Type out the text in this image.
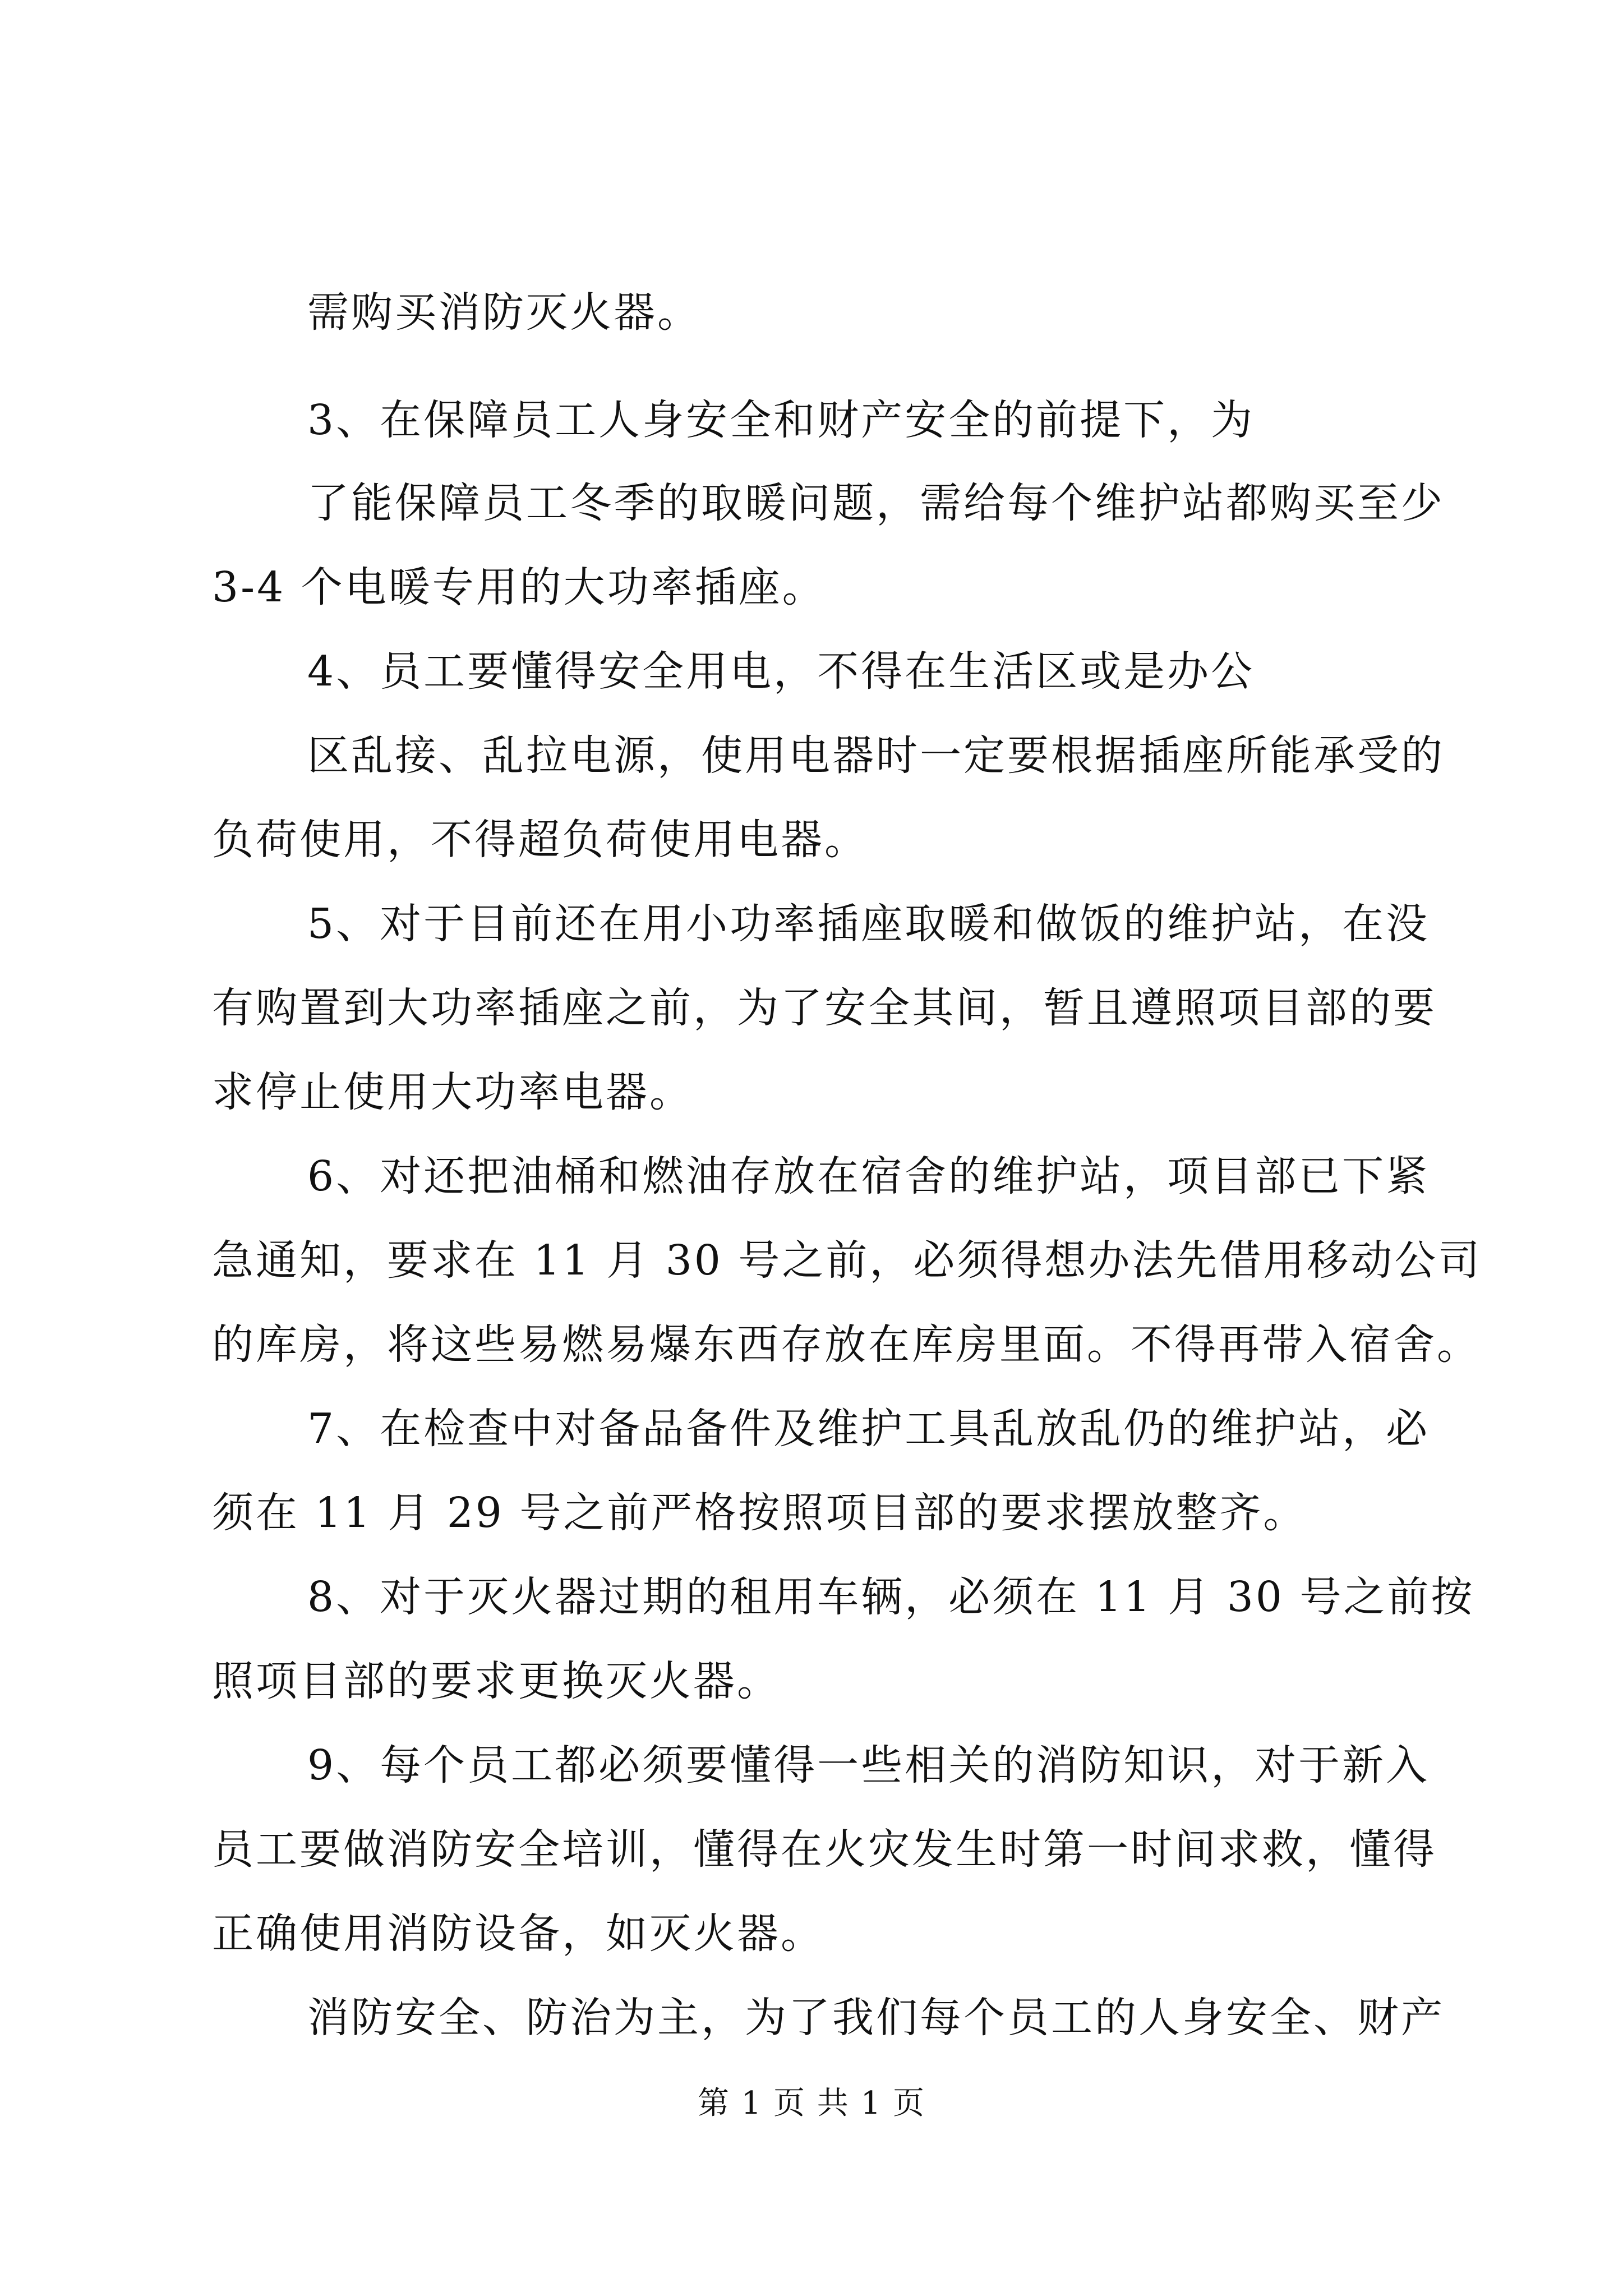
需购买消防灭火器。
3、在保障员工人身安全和财产安全的前提下，为
了能保障员工冬季的取暖问题，需给每个维护站都购买至少
3-4 个电暖专用的大功率插座。
4、员工要懂得安全用电，不得在生活区或是办公
区乱接、乱拉电源，使用电器时一定要根据插座所能承受的
负荷使用，不得超负荷使用电器。
5、对于目前还在用小功率插座取暖和做饭的维护站，在没
有购置到大功率插座之前，为了安全其间，暂且遵照项目部的要
求停止使用大功率电器。
6、对还把油桶和燃油存放在宿舍的维护站，项目部已下紧
急通知，要求在 11 月 30 号之前，必须得想办法先借用移动公司
的库房，将这些易燃易爆东西存放在库房里面。不得再带入宿舍。
7、在检查中对备品备件及维护工具乱放乱仍的维护站，必
须在 11 月 29 号之前严格按照项目部的要求摆放整齐。
8、对于灭火器过期的租用车辆，必须在 11 月 30 号之前按
照项目部的要求更换灭火器。
9、每个员工都必须要懂得一些相关的消防知识，对于新入
员工要做消防安全培训，懂得在火灾发生时第一时间求救，懂得
正确使用消防设备，如灭火器。
消防安全、防治为主，为了我们每个员工的人身安全、财产
第 1 页 共 1 页
